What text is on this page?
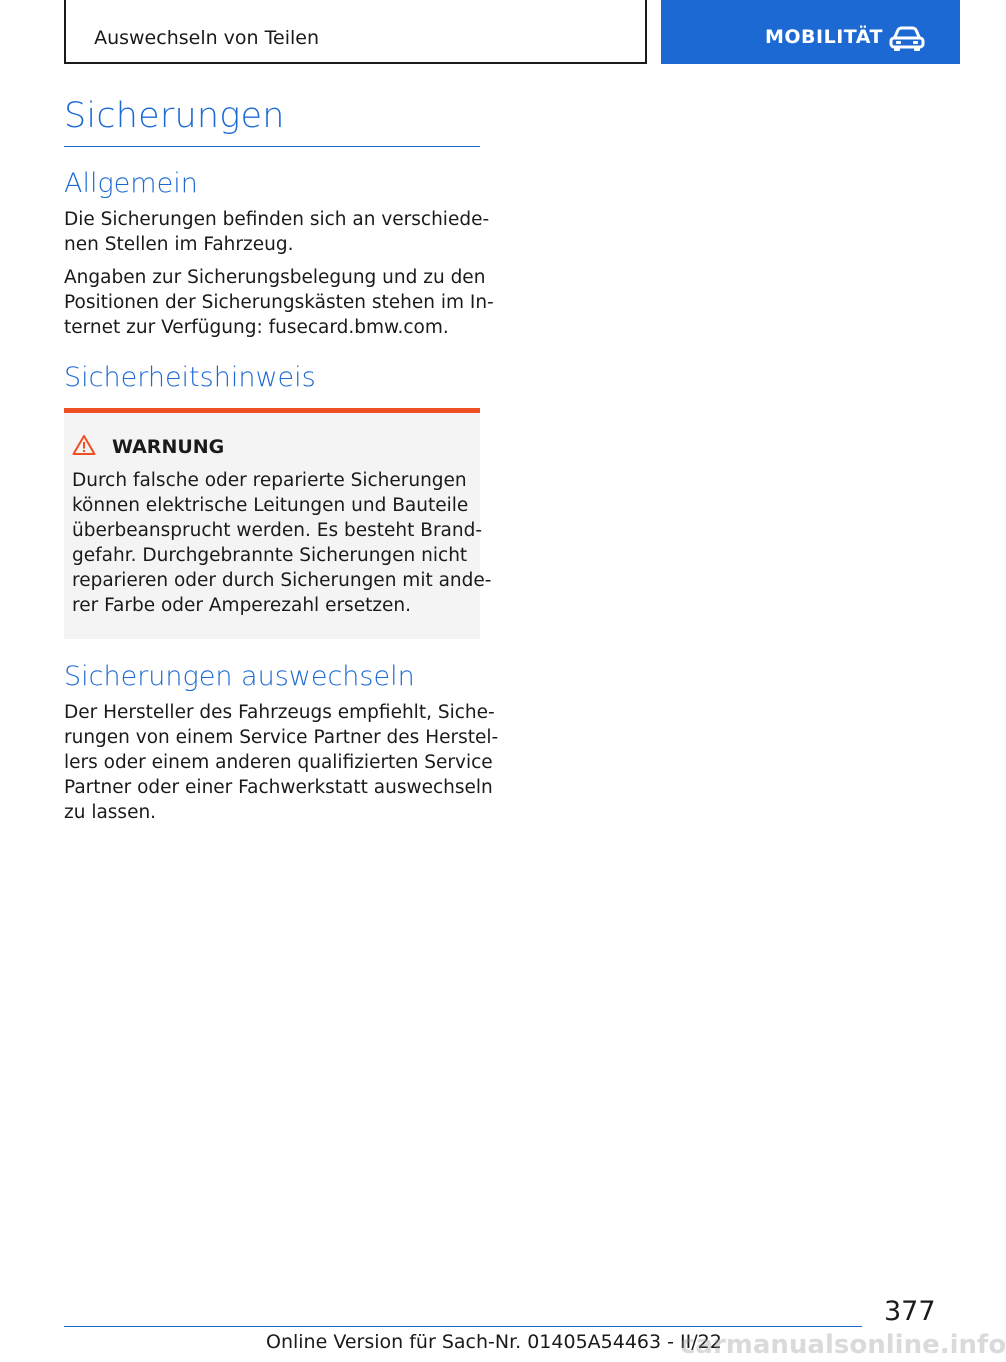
Auswechseln von Teilen	MOBILITÄT
Sicherungen
Allgemein
Die Sicherungen befinden sich an verschiede-
nen Stellen im Fahrzeug.
Angaben zur Sicherungsbelegung und zu den
Positionen der Sicherungskästen stehen im In-
ternet zur Verfügung: fusecard.bmw.com.
Sicherheitshinweis
WARNUNG
Durch falsche oder reparierte Sicherungen
können elektrische Leitungen und Bauteile
überbeansprucht werden. Es besteht Brand-
gefahr. Durchgebrannte Sicherungen nicht
reparieren oder durch Sicherungen mit ande-
rer Farbe oder Amperezahl ersetzen.
Sicherungen auswechseln
Der Hersteller des Fahrzeugs empfiehlt, Siche-
rungen von einem Service Partner des Herstel-
lers oder einem anderen qualifizierten Service
Partner oder einer Fachwerkstatt auswechseln
zu lassen.
377
Online Version für Sach-Nr. 01405A54463 - II/22
carmanualsonline.info
